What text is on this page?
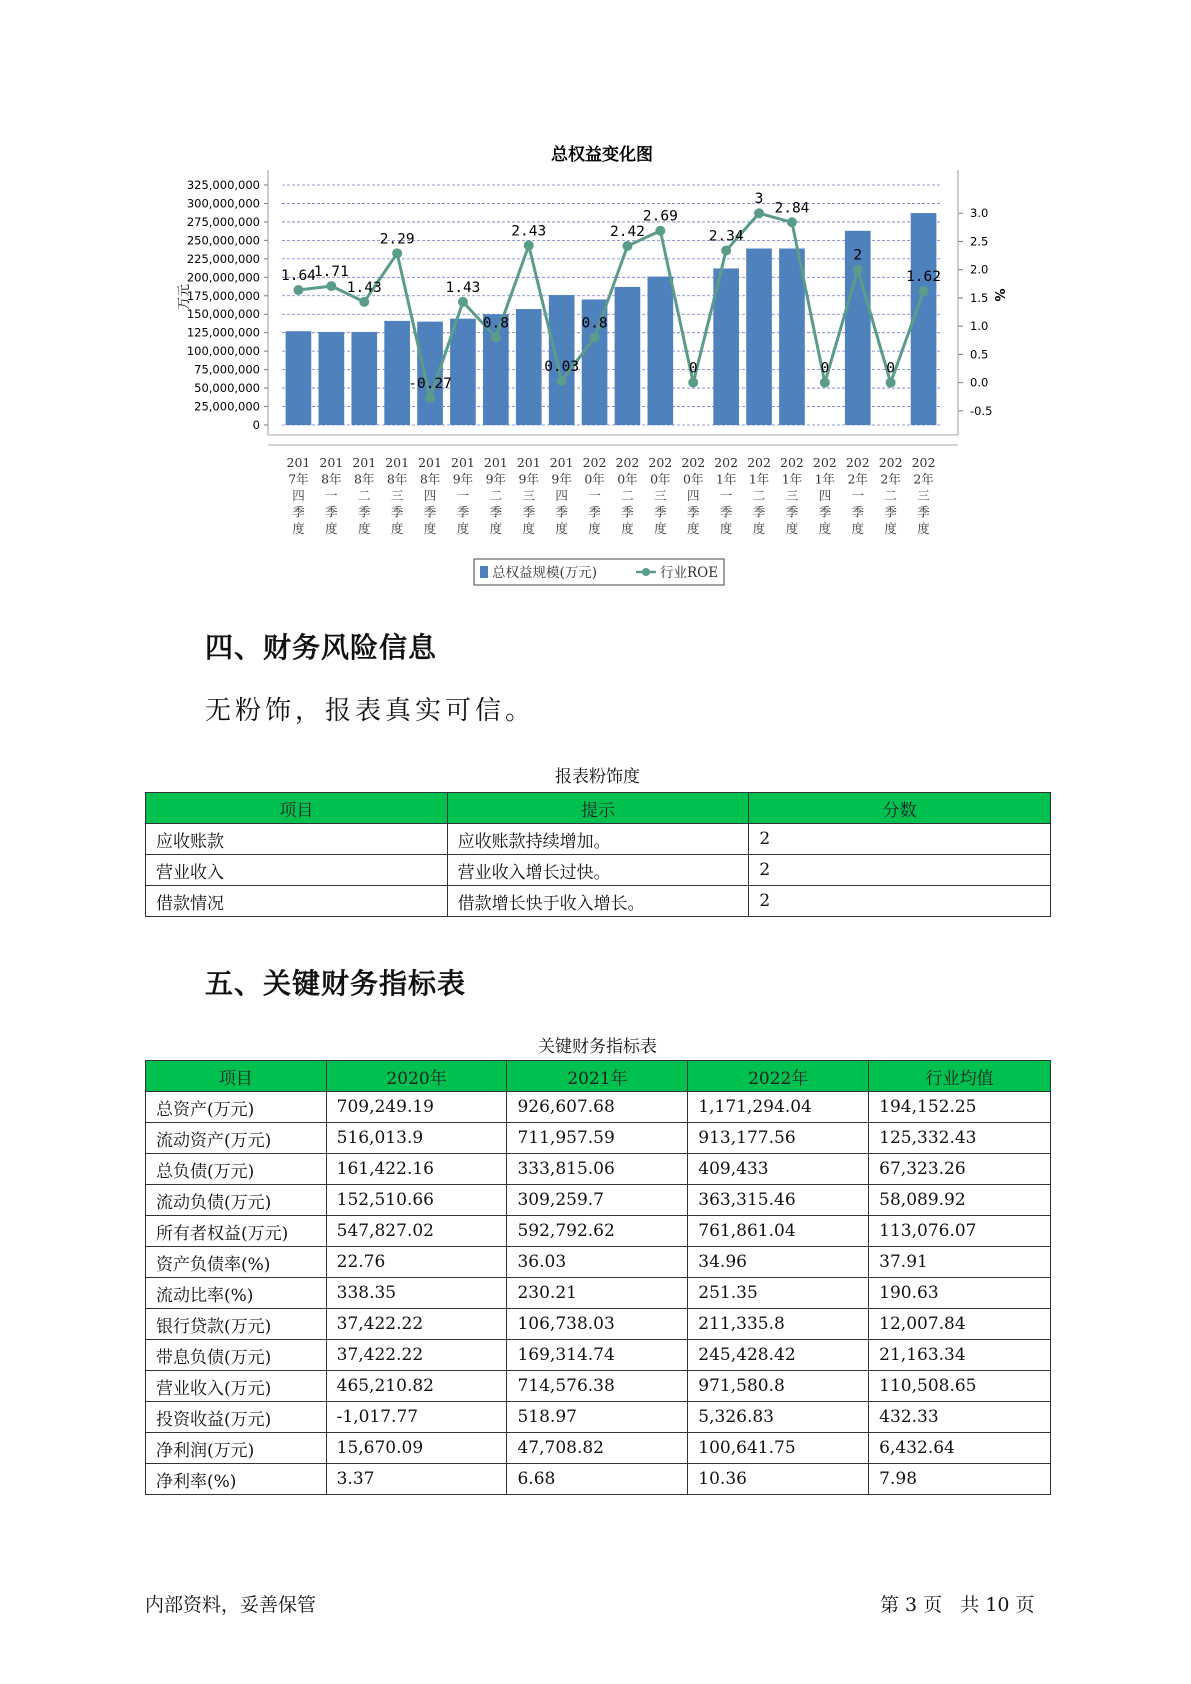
总权益变化图
万元	%
0
25,000,000
50,000,000
75,000,000
100,000,000
125,000,000
150,000,000
175,000,000
200,000,000
225,000,000
250,000,000
275,000,000
300,000,000
325,000,000
-0.5
0.0
0.5
1.0
1.5
2.0
2.5
3.0
1.64
1.71
1.43
2.29
-0.27
1.43
0.8
2.43
0.03
0.8
2.42
2.69
0
2.34
3
2.84
0
2
0
1.62
201
7年
四
季
度
201
8年
一
季
度
201
8年
二
季
度
201
8年
三
季
度
201
8年
四
季
度
201
9年
一
季
度
201
9年
二
季
度
201
9年
三
季
度
201
9年
四
季
度
202
0年
一
季
度
202
0年
二
季
度
202
0年
三
季
度
202
0年
四
季
度
202
1年
一
季
度
202
1年
二
季
度
202
1年
三
季
度
202
1年
四
季
度
202
2年
一
季
度
202
2年
二
季
度
202
2年
三
季
度
总权益规模(万元)	行业ROE
四、财务风险信息
无粉饰，报表真实可信。
报表粉饰度
项目	提示	分数
应收账款	应收账款持续增加。	2
营业收入	营业收入增长过快。	2
借款情况	借款增长快于收入增长。	2
五、关键财务指标表
关键财务指标表
项目	2020年	2021年	2022年	行业均值
总资产(万元)	709,249.19	926,607.68	1,171,294.04	194,152.25
流动资产(万元)	516,013.9	711,957.59	913,177.56	125,332.43
总负债(万元)	161,422.16	333,815.06	409,433	67,323.26
流动负债(万元)	152,510.66	309,259.7	363,315.46	58,089.92
所有者权益(万元)	547,827.02	592,792.62	761,861.04	113,076.07
资产负债率(%)	22.76	36.03	34.96	37.91
流动比率(%)	338.35	230.21	251.35	190.63
银行贷款(万元)	37,422.22	106,738.03	211,335.8	12,007.84
带息负债(万元)	37,422.22	169,314.74	245,428.42	21,163.34
营业收入(万元)	465,210.82	714,576.38	971,580.8	110,508.65
投资收益(万元)	-1,017.77	518.97	5,326.83	432.33
净利润(万元)	15,670.09	47,708.82	100,641.75	6,432.64
净利率(%)	3.37	6.68	10.36	7.98
内部资料，妥善保管	第 3 页   共 10 页
